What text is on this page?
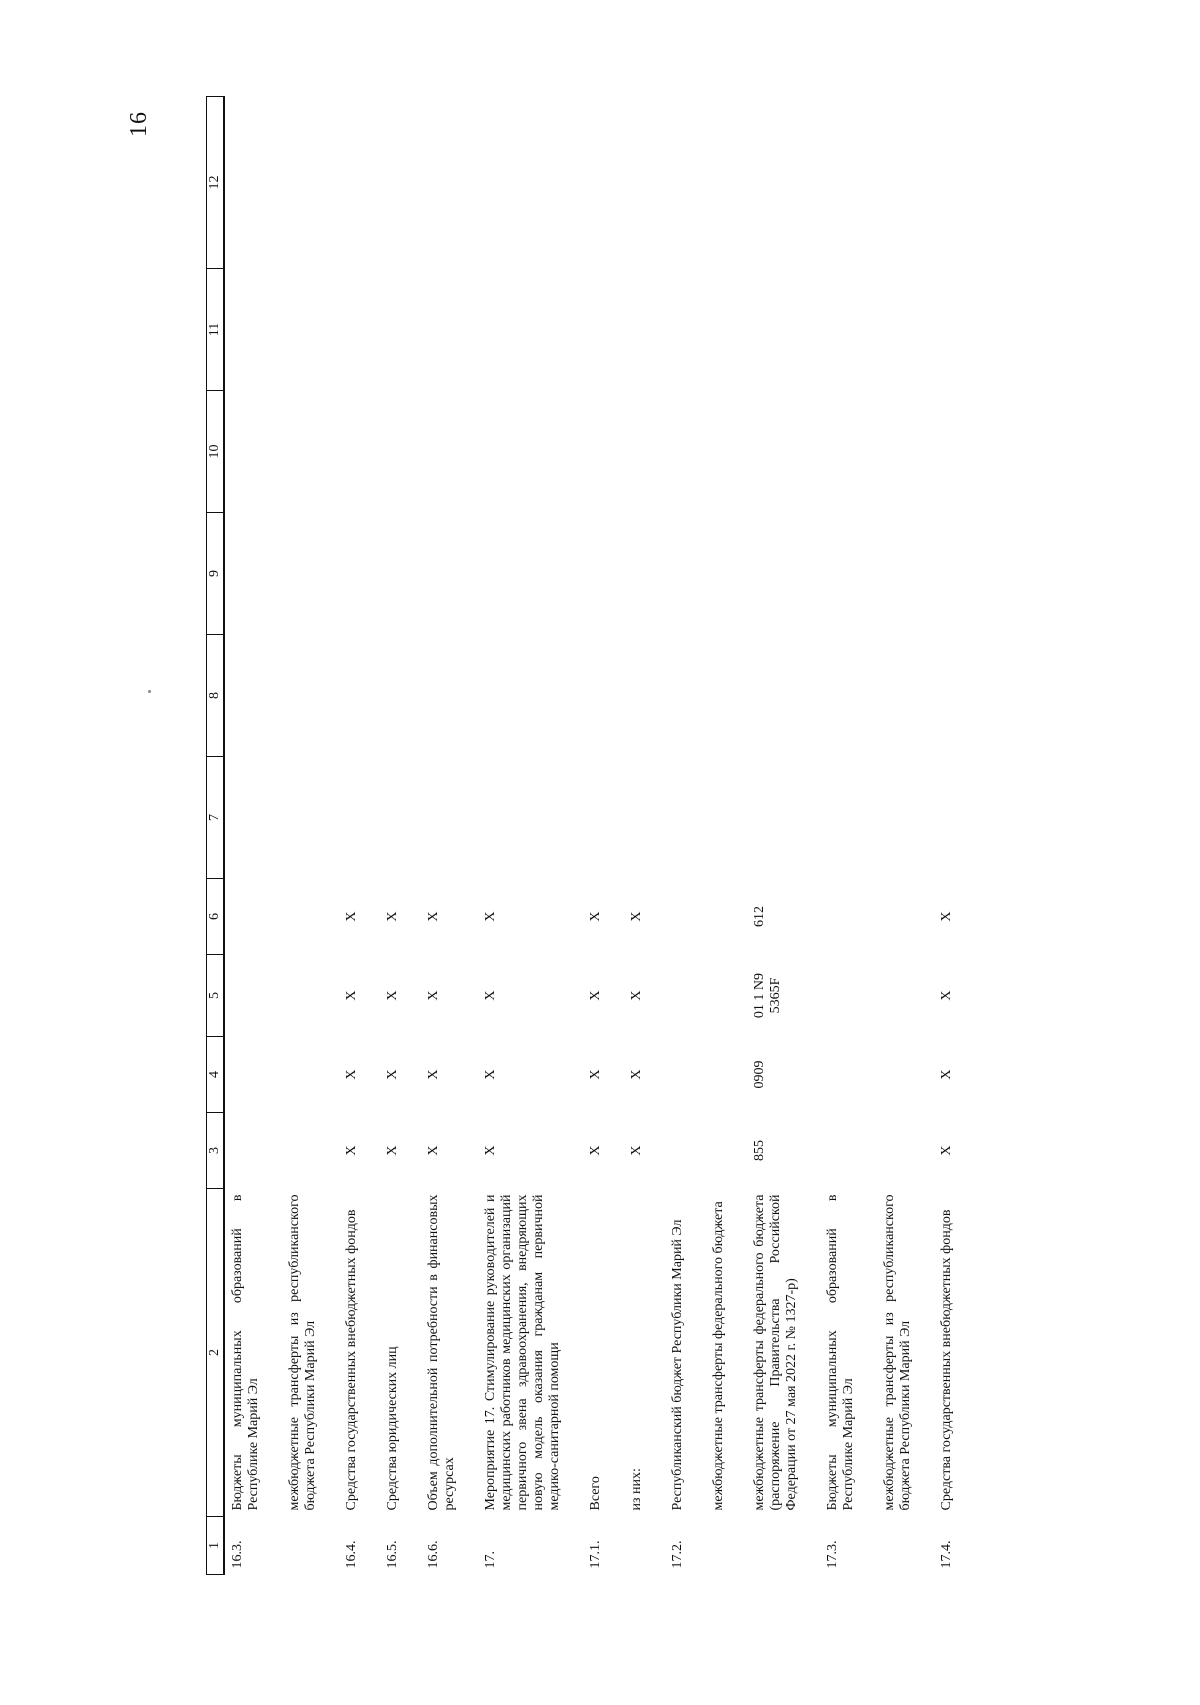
16
1	2	3	4	5	6	7	8	9	10	11	12
16.3.	Бюджеты муниципальных образований в Республике Марий Эл										
	межбюджетные трансферты из республиканского бюджета Республики Марий Эл										
16.4.	Средства государственных внебюджетных фондов	Х	Х	Х	Х						
16.5.	Средства юридических лиц	Х	Х	Х	Х						
16.6.	Объем дополнительной потребности в финансовых ресурсах	Х	Х	Х	Х						
17.	Мероприятие 17. Стимулирование руководителей и медицинских работников медицинских организаций первичного звена здравоохранения, внедряющих новую модель оказания гражданам первичной медико-санитарной помощи	Х	Х	Х	Х						
17.1.	Всего	Х	Х	Х	Х						
	из них:	Х	Х	Х	Х						
17.2.	Республиканский бюджет Республики Марий Эл										
	межбюджетные трансферты федерального бюджета										
	межбюджетные трансферты федерального бюджета (распоряжение Правительства Российской Федерации от 27 мая 2022 г. № 1327-р)	855	0909	01 1 N9 5365F	612						
17.3.	Бюджеты муниципальных образований в Республике Марий Эл										
	межбюджетные трансферты из республиканского бюджета Республики Марий Эл										
17.4.	Средства государственных внебюджетных фондов	Х	Х	Х	Х						
